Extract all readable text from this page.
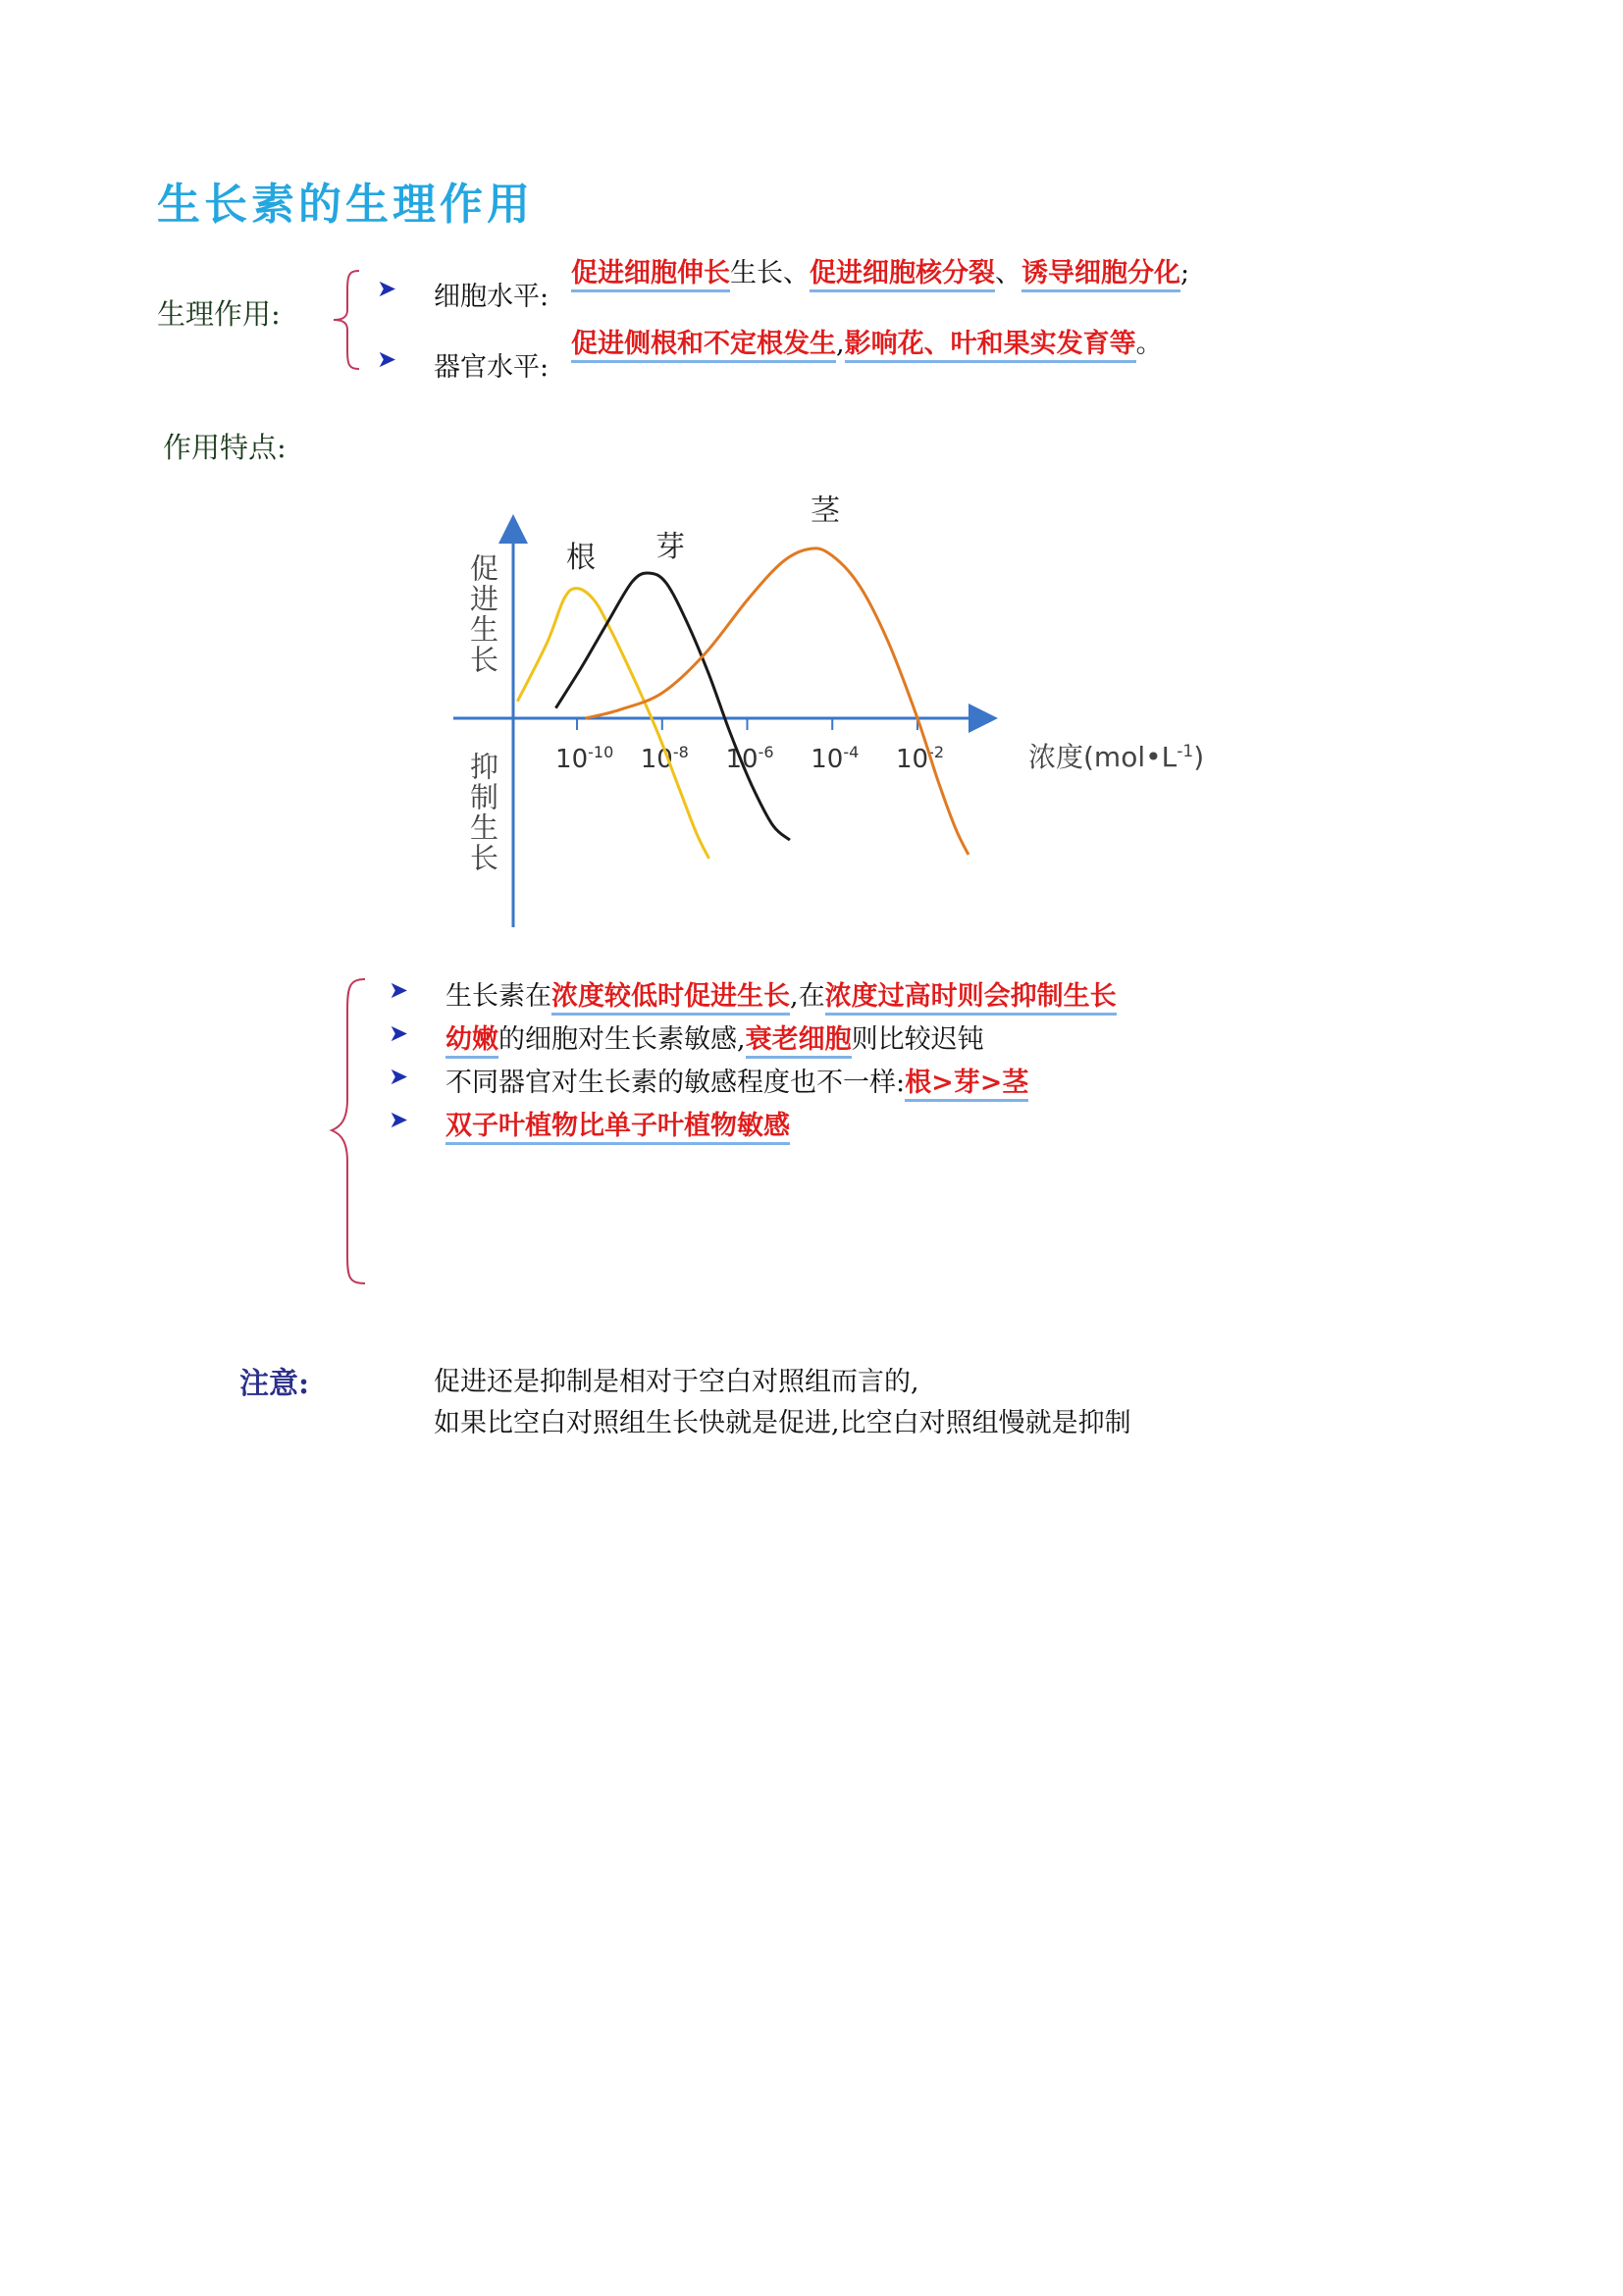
生长素的生理作用
生理作用:
➤ 细胞水平:
促进细胞伸长生长、促进细胞核分裂、诱导细胞分化;
➤ 器官水平:
促进侧根和不定根发生,影响花、叶和果实发育等。
作用特点:
促进生长
抑制生长 $10^{-10}$ $10^{-8}$ $10^{-6}$ $10^{-4}$ $10^{-2}$
根 芽
茎
浓度$(mol•L^{-1})$
➤ 生长素在浓度较低时促进生长,在浓度过高时则会抑制生长
➤ 幼嫩的细胞对生长素敏感,衰老细胞则比较迟钝
➤ 不同器官对生长素的敏感程度也不一样:根>芽>茎
➤ 双子叶植物比单子叶植物敏感
注意:	促进还是抑制是相对于空白对照组而言的,
如果比空白对照组生长快就是促进,比空白对照组慢就是抑制
